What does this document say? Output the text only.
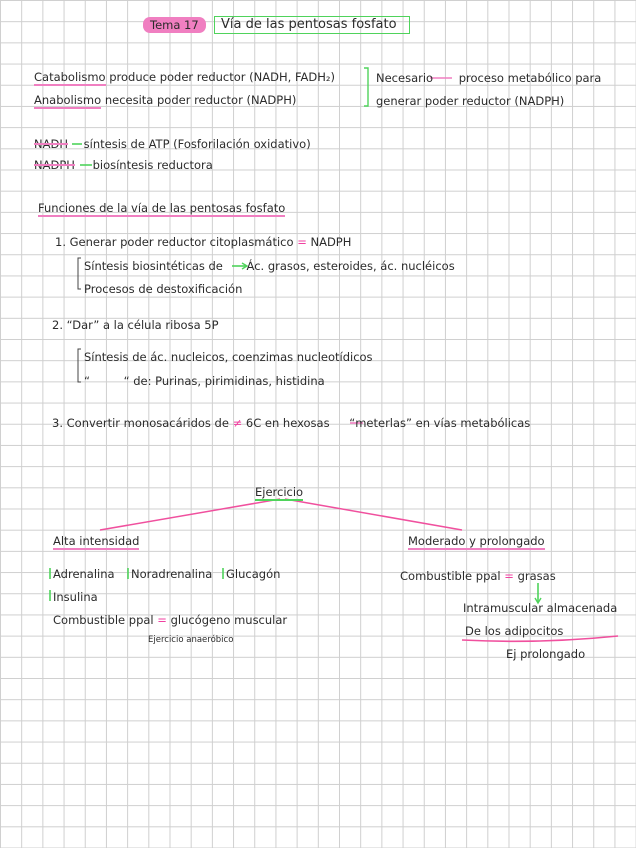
Tema 17	Vía de las pentosas fosfato
Catabolismo produce poder reductor (NADH, FADH₂)
Anabolismo necesita poder reductor (NADPH)
Necesario proceso metabólico para
generar poder reductor (NADPH)
NADH síntesis de ATP (Fosforilación oxidativo)
NADPH biosíntesis reductora
Funciones de la vía de las pentosas fosfato
1. Generar poder reductor citoplasmático = NADPH
Síntesis biosintéticas de Ác. grasos, esteroides, ác. nucléicos
Procesos de destoxificación
2. “Dar” a la célula ribosa 5P
Síntesis de ác. nucleicos, coenzimas nucleotídicos
“	“ de: Purinas, pirimidinas, histidina
3. Convertir monosacáridos de ≠ 6C en hexosas “meterlas” en vías metabólicas
Ejercicio
Alta intensidad	Moderado y prolongado
Adrenalina Noradrenalina Glucagón
Insulina
Combustible ppal = glucógeno muscular
Ejercicio anaeróbico
Combustible ppal = grasas
Intramuscular almacenada
De los adipocitos
Ej prolongado
